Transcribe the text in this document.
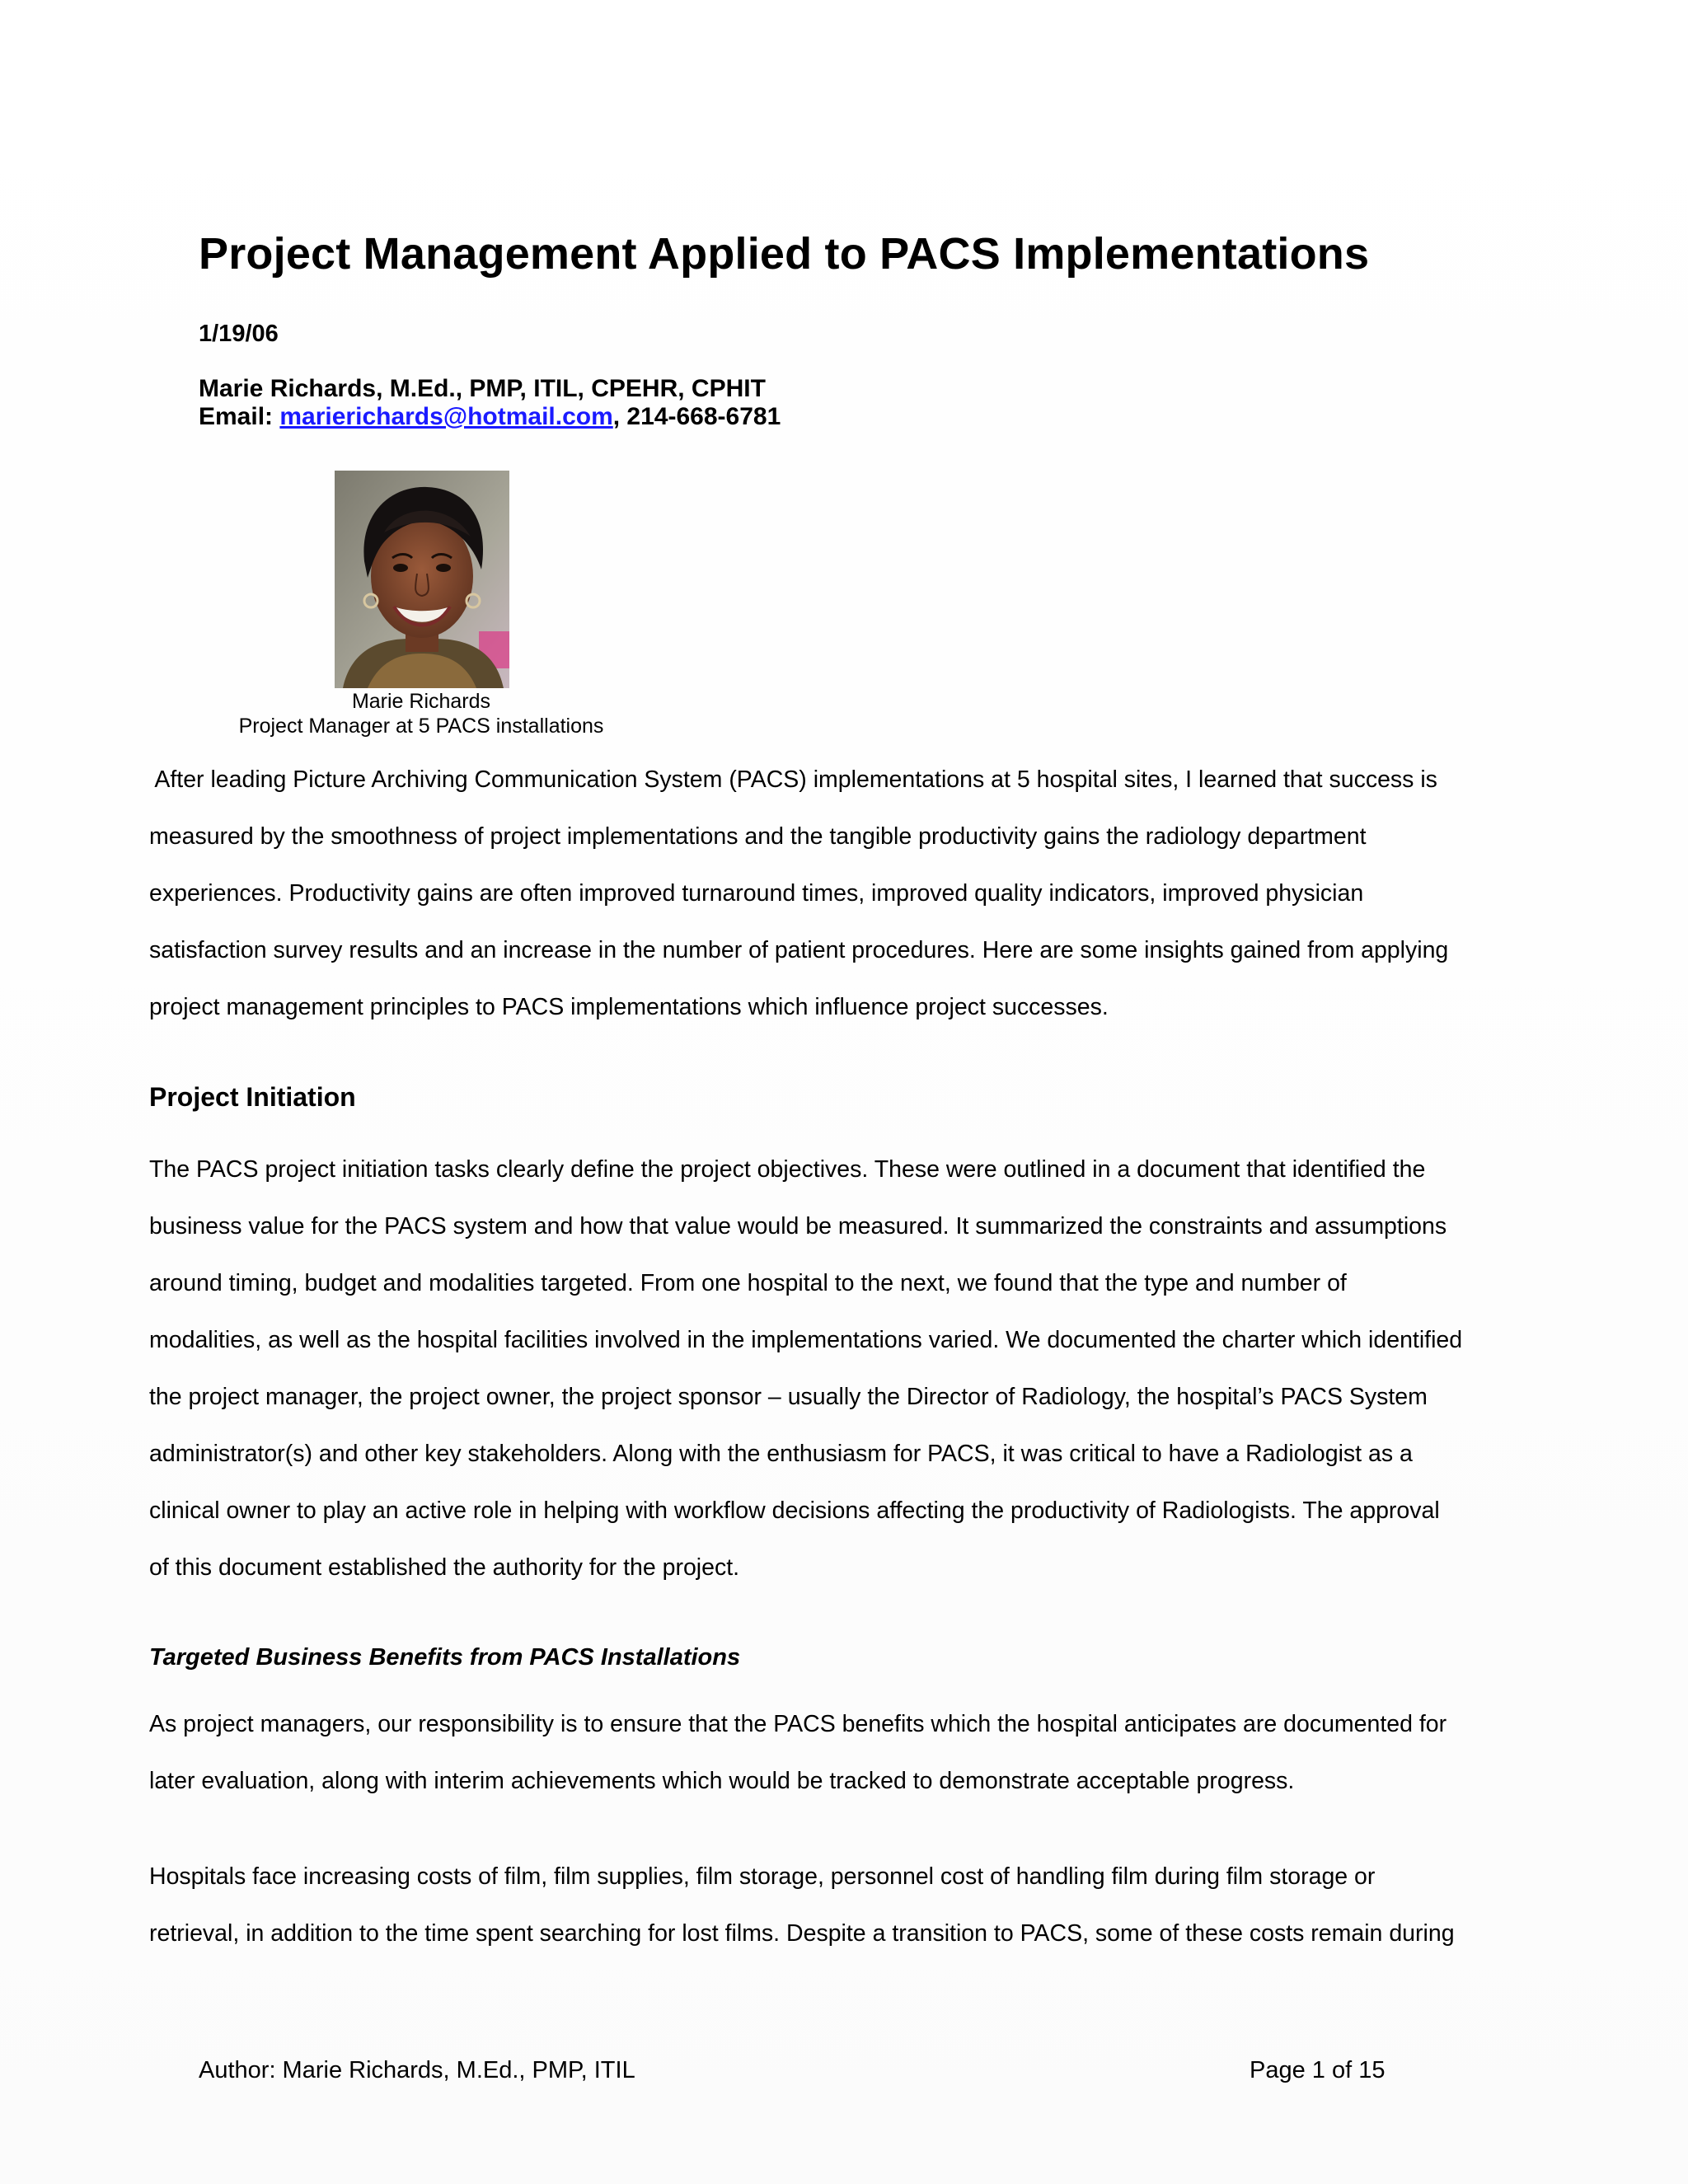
Project Management Applied to PACS Implementations
1/19/06
Marie Richards, M.Ed., PMP, ITIL, CPEHR, CPHIT
Email: marierichards@hotmail.com, 214-668-6781
Marie Richards
Project Manager at 5 PACS installations
After leading Picture Archiving Communication System (PACS) implementations at 5 hospital sites, I learned that success is
measured by the smoothness of project implementations and the tangible productivity gains the radiology department
experiences. Productivity gains are often improved turnaround times, improved quality indicators, improved physician
satisfaction survey results and an increase in the number of patient procedures. Here are some insights gained from applying
project management principles to PACS implementations which influence project successes.
Project Initiation
The PACS project initiation tasks clearly define the project objectives. These were outlined in a document that identified the
business value for the PACS system and how that value would be measured. It summarized the constraints and assumptions
around timing, budget and modalities targeted. From one hospital to the next, we found that the type and number of
modalities, as well as the hospital facilities involved in the implementations varied. We documented the charter which identified
the project manager, the project owner, the project sponsor – usually the Director of Radiology, the hospital’s PACS System
administrator(s) and other key stakeholders. Along with the enthusiasm for PACS, it was critical to have a Radiologist as a
clinical owner to play an active role in helping with workflow decisions affecting the productivity of Radiologists. The approval
of this document established the authority for the project.
Targeted Business Benefits from PACS Installations
As project managers, our responsibility is to ensure that the PACS benefits which the hospital anticipates are documented for
later evaluation, along with interim achievements which would be tracked to demonstrate acceptable progress.
Hospitals face increasing costs of film, film supplies, film storage, personnel cost of handling film during film storage or
retrieval, in addition to the time spent searching for lost films. Despite a transition to PACS, some of these costs remain during
Author: Marie Richards, M.Ed., PMP, ITIL	Page 1 of 15
